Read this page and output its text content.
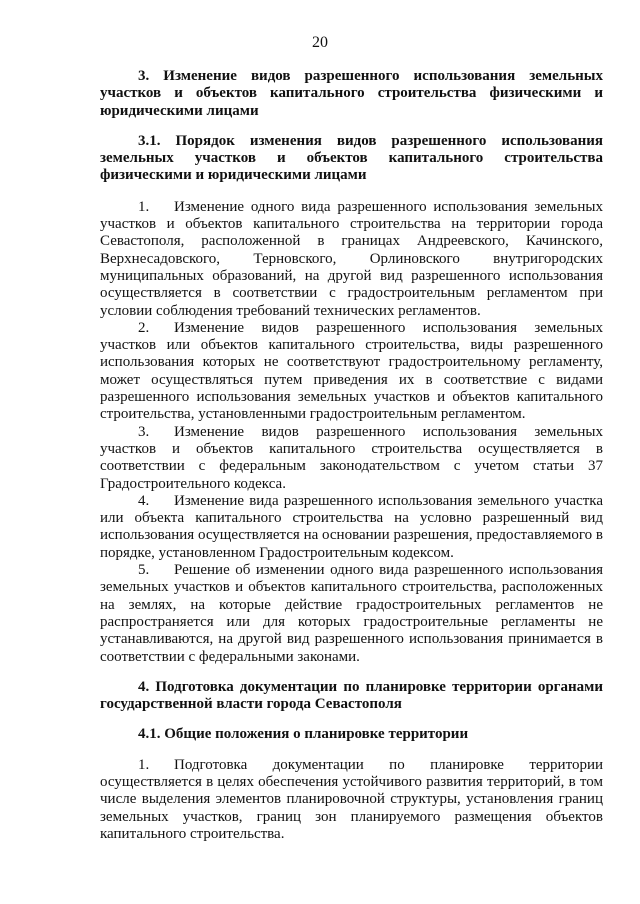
20

3. Изменение видов разрешенного использования земельных участков и объектов капитального строительства физическими и юридическими лицами

3.1. Порядок изменения видов разрешенного использования земельных участков и объектов капитального строительства физическими и юридическими лицами

1. Изменение одного вида разрешенного использования земельных участков и объектов капитального строительства на территории города Севастополя, расположенной в границах Андреевского, Качинского, Верхнесадовского, Терновского, Орлиновского внутригородских муниципальных образований, на другой вид разрешенного использования осуществляется в соответствии с градостроительным регламентом при условии соблюдения требований технических регламентов.

2. Изменение видов разрешенного использования земельных участков или объектов капитального строительства, виды разрешенного использования которых не соответствуют градостроительному регламенту, может осуществляться путем приведения их в соответствие с видами разрешенного использования земельных участков и объектов капитального строительства, установленными градостроительным регламентом.

3. Изменение видов разрешенного использования земельных участков и объектов капитального строительства осуществляется в соответствии с федеральным законодательством с учетом статьи 37 Градостроительного кодекса.

4. Изменение вида разрешенного использования земельного участка или объекта капитального строительства на условно разрешенный вид использования осуществляется на основании разрешения, предоставляемого в порядке, установленном Градостроительным кодексом.

5. Решение об изменении одного вида разрешенного использования земельных участков и объектов капитального строительства, расположенных на землях, на которые действие градостроительных регламентов не распространяется или для которых градостроительные регламенты не устанавливаются, на другой вид разрешенного использования принимается в соответствии с федеральными законами.

4. Подготовка документации по планировке территории органами государственной власти города Севастополя

4.1. Общие положения о планировке территории

1. Подготовка документации по планировке территории осуществляется в целях обеспечения устойчивого развития территорий, в том числе выделения элементов планировочной структуры, установления границ земельных участков, границ зон планируемого размещения объектов капитального строительства.
